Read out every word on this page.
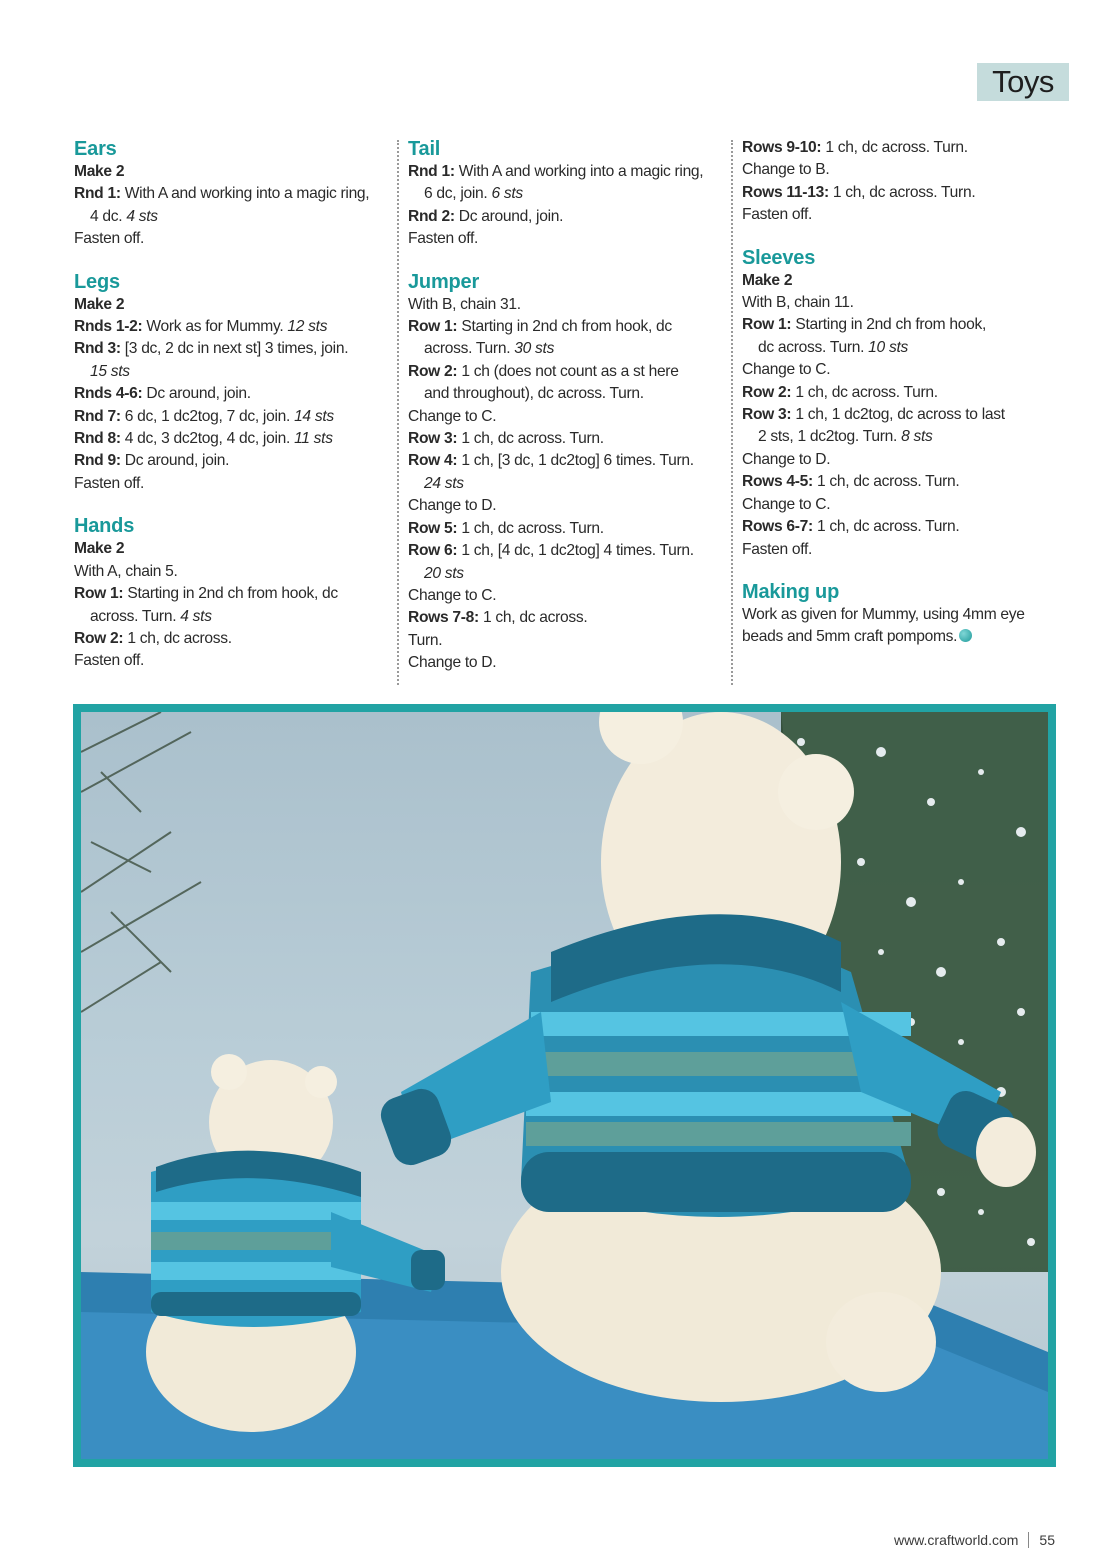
Toys
Ears
Make 2
Rnd 1: With A and working into a magic ring,
4 dc. 4 sts
Fasten off.
Legs
Make 2
Rnds 1-2: Work as for Mummy. 12 sts
Rnd 3: [3 dc, 2 dc in next st] 3 times, join.
15 sts
Rnds 4-6: Dc around, join.
Rnd 7: 6 dc, 1 dc2tog, 7 dc, join. 14 sts
Rnd 8: 4 dc, 3 dc2tog, 4 dc, join. 11 sts
Rnd 9: Dc around, join.
Fasten off.
Hands
Make 2
With A, chain 5.
Row 1: Starting in 2nd ch from hook, dc
across. Turn. 4 sts
Row 2: 1 ch, dc across.
Fasten off.
Tail
Rnd 1: With A and working into a magic ring,
6 dc, join. 6 sts
Rnd 2: Dc around, join.
Fasten off.
Jumper
With B, chain 31.
Row 1: Starting in 2nd ch from hook, dc
across. Turn. 30 sts
Row 2: 1 ch (does not count as a st here
and throughout), dc across. Turn.
Change to C.
Row 3: 1 ch, dc across. Turn.
Row 4: 1 ch, [3 dc, 1 dc2tog] 6 times. Turn.
24 sts
Change to D.
Row 5: 1 ch, dc across. Turn.
Row 6: 1 ch, [4 dc, 1 dc2tog] 4 times. Turn.
20 sts
Change to C.
Rows 7-8: 1 ch, dc across.
Turn.
Change to D.
Rows 9-10: 1 ch, dc across. Turn.
Change to B.
Rows 11-13: 1 ch, dc across. Turn.
Fasten off.
Sleeves
Make 2
With B, chain 11.
Row 1: Starting in 2nd ch from hook,
dc across. Turn. 10 sts
Change to C.
Row 2: 1 ch, dc across. Turn.
Row 3: 1 ch, 1 dc2tog, dc across to last
2 sts, 1 dc2tog. Turn. 8 sts
Change to D.
Rows 4-5: 1 ch, dc across. Turn.
Change to C.
Rows 6-7: 1 ch, dc across. Turn.
Fasten off.
Making up
Work as given for Mummy, using 4mm eye
beads and 5mm craft pompoms.
www.craftworld.com 55
